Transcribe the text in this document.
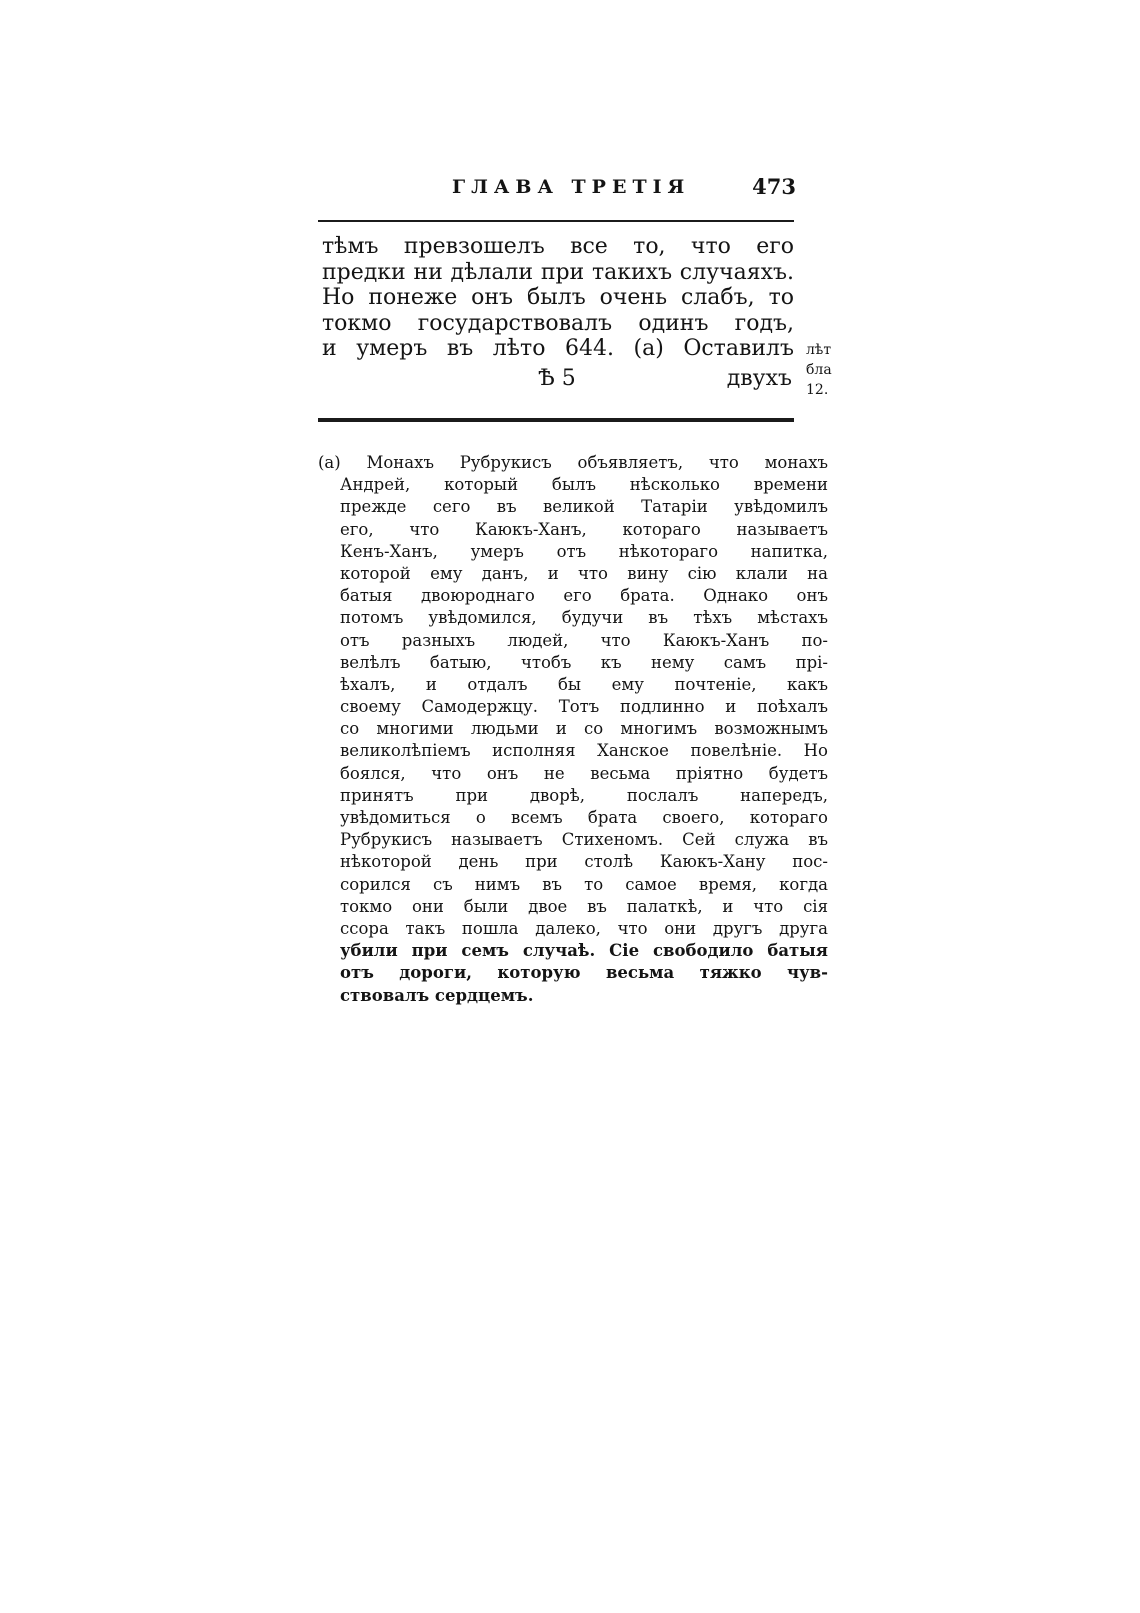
ГЛАВА ТРЕТІЯ	473
тѣмъ превзошелъ все то, что его
предки ни дѣлали при такихъ случаяхъ.
Но понеже онъ былъ очень слабъ, то
токмо государствовалъ одинъ годъ,
и умеръ въ лѣто 644. (a) Оставилъ
Ѣ 5	двухъ
лѣт
бла
12.
(a) Монахъ Рубрукисъ объявляетъ, что монахъ
Андрей, который былъ нѣсколько времени
прежде сего въ великой Татаріи увѣдомилъ
его, что Каюкъ-Ханъ, котораго называетъ
Кенъ-Ханъ, умеръ отъ нѣкотораго напитка,
которой ему данъ, и что вину сію клали на
батыя двоюроднаго его брата. Однако онъ
потомъ увѣдомился, будучи въ тѣхъ мѣстахъ
отъ разныхъ людей, что Каюкъ-Ханъ по-
велѣлъ батыю, чтобъ къ нему самъ прі-
ѣхалъ, и отдалъ бы ему почтеніе, какъ
своему Самодержцу. Тотъ подлинно и поѣхалъ
со многими людьми и со многимъ возможнымъ
великолѣпіемъ исполняя Ханское повелѣніе. Но
боялся, что онъ не весьма пріятно будетъ
принятъ при дворѣ, послалъ напередъ,
увѣдомиться о всемъ брата своего, котораго
Рубрукисъ называетъ Стихеномъ. Сей служа въ
нѣкоторой день при столѣ Каюкъ-Хану пос-
сорился съ нимъ въ то самое время, когда
токмо они были двое въ палаткѣ, и что сія
ссора такъ пошла далеко, что они другъ друга
убили при семъ случаѣ. Сіе свободило батыя
отъ дороги, которую весьма тяжко чув-
ствовалъ сердцемъ.
